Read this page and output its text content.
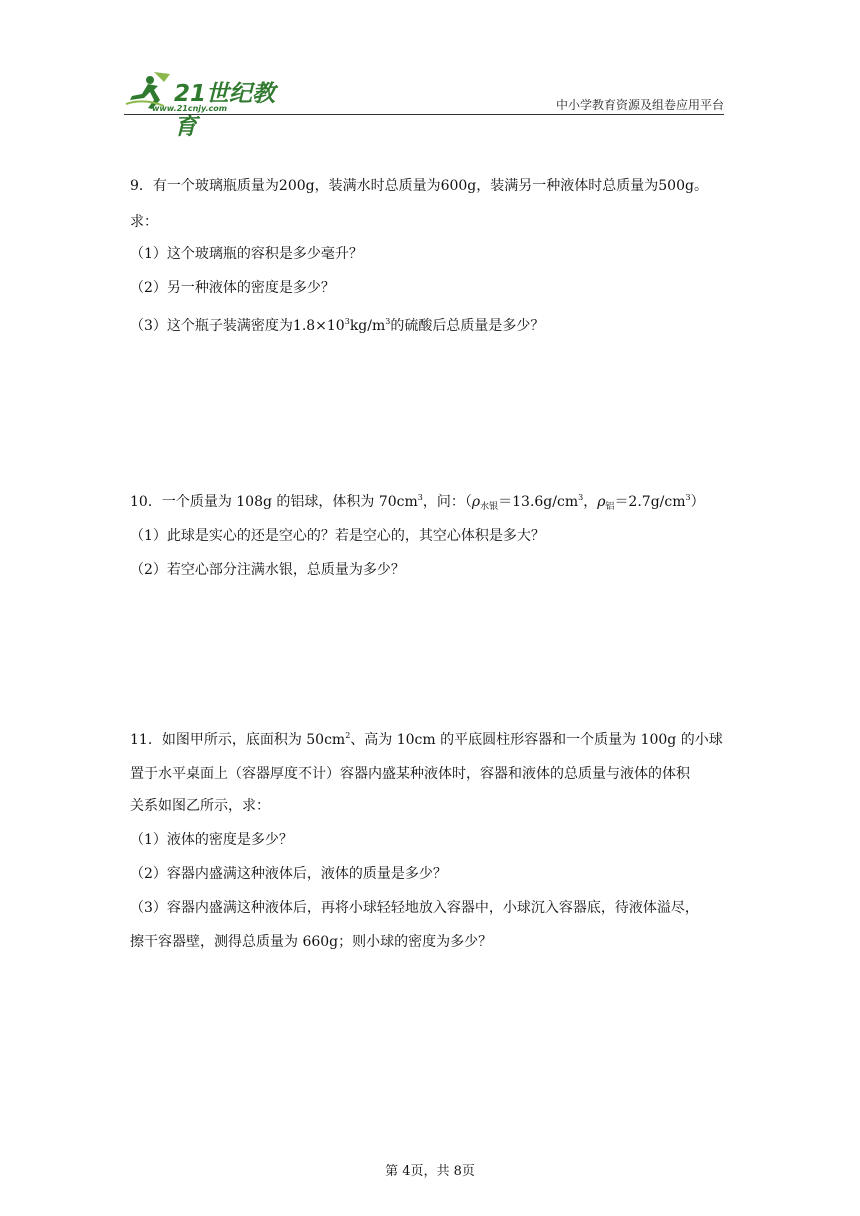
21世纪教育
www.21cnjy.com	中小学教育资源及组卷应用平台
9．有一个玻璃瓶质量为200g，装满水时总质量为600g，装满另一种液体时总质量为500g。
求：
（1）这个玻璃瓶的容积是多少毫升？
（2）另一种液体的密度是多少？
（3）这个瓶子装满密度为$1.8\times 10^3kg/m^3$的硫酸后总质量是多少？
10．一个质量为 108g 的铝球，体积为 $70cm^3$，问：（$\rho_{水银}=13.6g/cm^3$，$\rho_铝=2.7g/cm^3$）
（1）此球是实心的还是空心的？若是空心的，其空心体积是多大？
（2）若空心部分注满水银，总质量为多少？
11．如图甲所示，底面积为 $50cm^2$、高为 10cm 的平底圆柱形容器和一个质量为 100g 的小球
置于水平桌面上（容器厚度不计）容器内盛某种液体时，容器和液体的总质量与液体的体积
关系如图乙所示，求：
（1）液体的密度是多少？
（2）容器内盛满这种液体后，液体的质量是多少？
（3）容器内盛满这种液体后，再将小球轻轻地放入容器中，小球沉入容器底，待液体溢尽，
擦干容器壁，测得总质量为 660g；则小球的密度为多少？
第 4页，共 8页
